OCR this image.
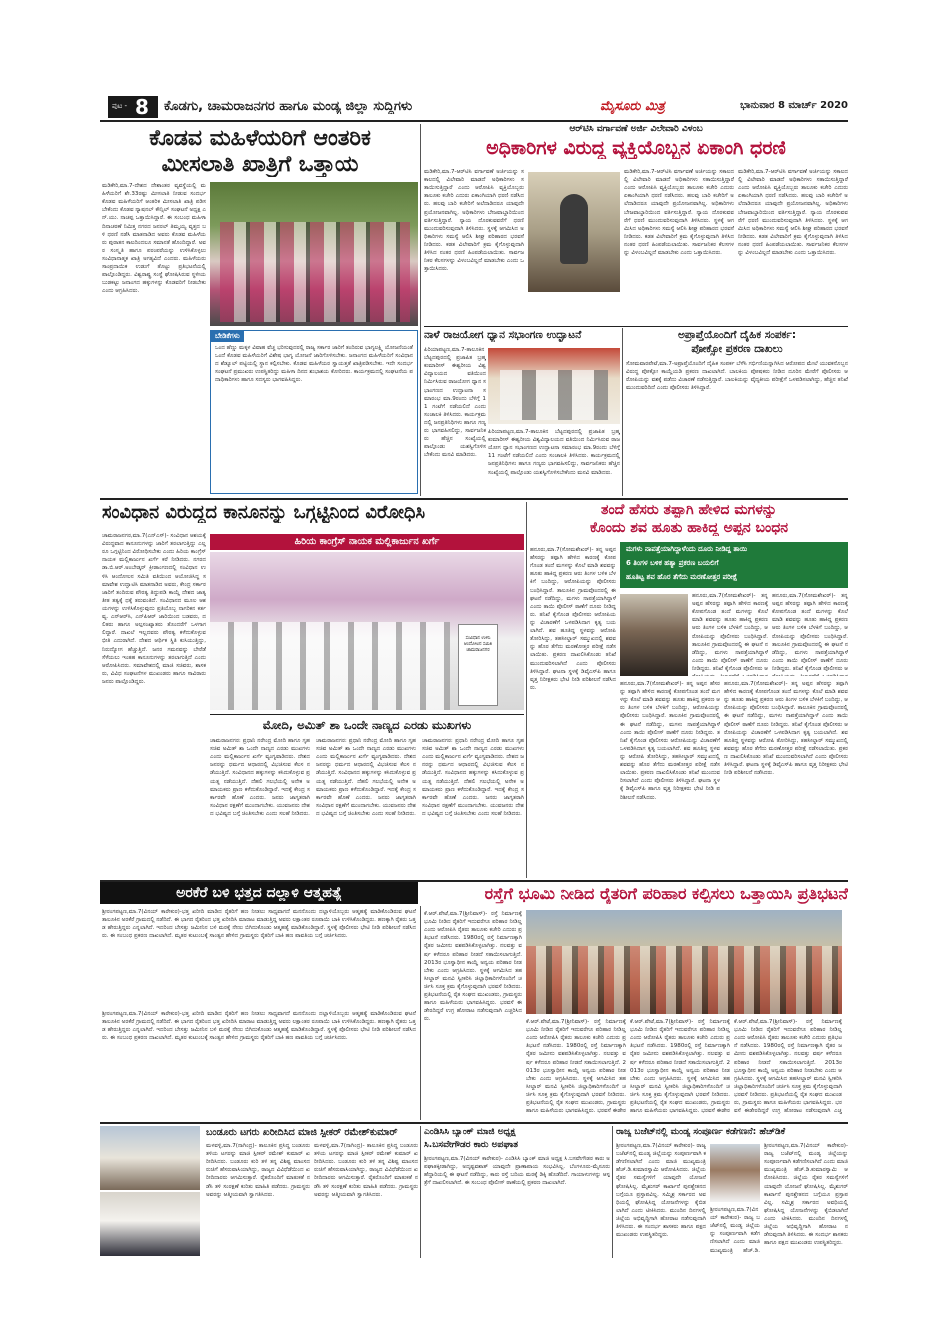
ಪುಟ - 8 ಕೊಡಗು, ಚಾಮರಾಜನಗರ ಹಾಗೂ ಮಂಡ್ಯ ಜಿಲ್ಲಾ ಸುದ್ದಿಗಳು	ಮೈಸೂರು ಮಿತ್ರ	ಭಾನುವಾರ 8 ಮಾರ್ಚ್ 2020
ಕೊಡವ ಮಹಿಳೆಯರಿಗೆ ಆಂತರಿಕ
ಮೀಸಲಾತಿ ಖಾತ್ರಿಗೆ ಒತ್ತಾಯ
ಮಡಿಕೇರಿ,ಮಾ.7-ದೇಶದ ದೇಶಾಂತರ ವ್ಯವಸ್ಥೆಯಲ್ಲಿ ಮಹಿಳೆಯರಿಗೆ ಶೇ.33ರಷ್ಟು ಮೀಸಲಾತಿ ನೀಡುವ ಸಂದರ್ಭ ಕೊಡವ ಮಹಿಳೆಯರಿಗೆ ಆಂತರಿಕ ಮೀಸಲಾತಿ ಖಾತ್ರಿ ಪಡಿಸಬೇಕೆಂದು ಕೊಡವ ನ್ಯಾಷನಲ್ ಕೌನ್ಸಿಲ್ ಸಂಘಟನೆ ಅಧ್ಯಕ್ಷ ಎನ್.ಯು. ನಾಚಪ್ಪ ಒತ್ತಾಯಿಸಿದ್ದಾರೆ. ಈ ಸಂಬಂಧ ಮಹಿಳಾ ದಿನಾಚರಣೆ ನಿಮಿತ್ತ ನಗರದ ಜನರಲ್ ತಿಮ್ಮಯ್ಯ ವೃತ್ತದ ಬಳಿ ಧರಣಿ ನಡೆಸಿ ಮಾತನಾಡಿದ ಅವರು ಕೊಡವ ಮಹಿಳೆಯರು ಪುರಾತನ ಕಾಲದಿಂದಲೂ ಸಮಾನತೆ ಹೊಂದಿದ್ದಾರೆ. ಅವರ ಸಂಸ್ಕೃತಿ ಹಾಗೂ ಪರಂಪರೆಯನ್ನು ಉಳಿಸಿಕೊಳ್ಳಲು ಸಂವಿಧಾನಾತ್ಮಕ ಖಾತ್ರಿ ಅಗತ್ಯವಿದೆ ಎಂದರು. ಮಹಿಳೆಯರು ಸಾಂಪ್ರದಾಯಿಕ ಉಡುಗೆ ತೊಟ್ಟು ಪ್ರತಿಭಟನೆಯಲ್ಲಿ ಪಾಲ್ಗೊಂಡಿದ್ದರು. ವಿಶ್ವರಾಷ್ಟ್ರ ಸಂಸ್ಥೆ ಘೋಷಿಸಿರುವ ಸ್ಥಳೀಯ ಬುಡಕಟ್ಟು ಜನಾಂಗದ ಹಕ್ಕುಗಳನ್ನು ಕೊಡವರಿಗೆ ನೀಡಬೇಕು ಎಂದು ಆಗ್ರಹಿಸಿದರು.
ಬೇಡಿಕೆಗಳು
ಒಂದ ಹೆಣ್ಣು ಮಕ್ಕಳ ವಿವಾಹ ವೆಚ್ಚ ಭರಿಸುವುದರಲ್ಲಿ ರಾಜ್ಯ ಸರ್ಕಾರ ಜಾರಿಗೆ ತಂದಿರುವ ಭಾಗ್ಯಲಕ್ಷ್ಮಿ ಯೋಜನೆಯಂತೆ ಒಂದೆ ಕೊಡವ ಮಹಿಳೆಯರಿಗೆ ವಿಶೇಷ ಭಾಗ್ಯ ಯೋಜನೆ ಜಾರಿಗೊಳಿಸಬೇಕು. ಜನಾಂಗದ ಮಹಿಳೆಯರಿಗೆ ಸಂವಿಧಾನದ ಶೆಡ್ಯೂಲ್ ಪಟ್ಟಿಯಲ್ಲಿ ಸ್ಥಾನ ಕಲ್ಪಿಸಬೇಕು. ಕೊಡವ ಮಹಿಳೆಯರ ಸ್ವಾಯತ್ತತೆ ಖಾತ್ರಿಪಡಿಸಬೇಕು. ಇದೇ ಸಂದರ್ಭ ಸಂಘಟನೆ ಪ್ರಮುಖರು ಉಪಸ್ಥಿತರಿದ್ದು ಮಹಿಳಾ ದಿನದ ಶುಭಾಶಯ ಕೋರಿದರು. ಕಾರ್ಯಕ್ರಮದಲ್ಲಿ ಸಂಘಟನೆಯ ಪದಾಧಿಕಾರಿಗಳು ಹಾಗೂ ಸದಸ್ಯರು ಭಾಗವಹಿಸಿದ್ದರು.
ಆರ್‌ಟಿಸಿ ವರ್ಗಾವಣೆ ಅರ್ಜಿ ವಿಲೇವಾರಿ ವಿಳಂಬ
ಅಧಿಕಾರಿಗಳ ವಿರುದ್ಧ ವ್ಯಕ್ತಿಯೊಬ್ಬನ ಏಕಾಂಗಿ ಧರಣಿ
ಮಡಿಕೇರಿ,ಮಾ.7-ಆರ್‌ಟಿಸಿ ವರ್ಗಾವಣೆ ಅರ್ಜಿಯನ್ನು ಸಕಾಲದಲ್ಲಿ ವಿಲೇವಾರಿ ಮಾಡದೆ ಅಧಿಕಾರಿಗಳು ಸತಾಯಿಸುತ್ತಿದ್ದಾರೆ ಎಂದು ಆರೋಪಿಸಿ ವ್ಯಕ್ತಿಯೊಬ್ಬರು ತಾಲೂಕು ಕಚೇರಿ ಎದುರು ಏಕಾಂಗಿಯಾಗಿ ಧರಣಿ ನಡೆಸಿದರು. ಹಲವು ಬಾರಿ ಕಚೇರಿಗೆ ಅಲೆದಾಡಿದರೂ ಯಾವುದೇ ಪ್ರಯೋಜನವಾಗಿಲ್ಲ. ಅಧಿಕಾರಿಗಳು ಬೇಜವಾಬ್ದಾರಿಯಿಂದ ವರ್ತಿಸುತ್ತಿದ್ದಾರೆ. ನ್ಯಾಯ ದೊರಕುವವರೆಗೆ ಧರಣಿ ಮುಂದುವರಿಸುವುದಾಗಿ ತಿಳಿಸಿದರು. ಸ್ಥಳಕ್ಕೆ ಆಗಮಿಸಿದ ಅಧಿಕಾರಿಗಳು ಸಮಸ್ಯೆ ಆಲಿಸಿ ಶೀಘ್ರ ಪರಿಹಾರದ ಭರವಸೆ ನೀಡಿದರು. ಕಡತ ವಿಲೇವಾರಿಗೆ ಕ್ರಮ ಕೈಗೊಳ್ಳುವುದಾಗಿ ತಿಳಿಸಿದ ನಂತರ ಧರಣಿ ಹಿಂಪಡೆಯಲಾಯಿತು. ಸಾರ್ವಜನಿಕರ ಕೆಲಸಗಳನ್ನು ವಿಳಂಬವಿಲ್ಲದೆ ಮಾಡಬೇಕು ಎಂದು ಒತ್ತಾಯಿಸಿದರು.
ಮಡಿಕೇರಿ,ಮಾ.7-ಆರ್‌ಟಿಸಿ ವರ್ಗಾವಣೆ ಅರ್ಜಿಯನ್ನು ಸಕಾಲದಲ್ಲಿ ವಿಲೇವಾರಿ ಮಾಡದೆ ಅಧಿಕಾರಿಗಳು ಸತಾಯಿಸುತ್ತಿದ್ದಾರೆ ಎಂದು ಆರೋಪಿಸಿ ವ್ಯಕ್ತಿಯೊಬ್ಬರು ತಾಲೂಕು ಕಚೇರಿ ಎದುರು ಏಕಾಂಗಿಯಾಗಿ ಧರಣಿ ನಡೆಸಿದರು. ಹಲವು ಬಾರಿ ಕಚೇರಿಗೆ ಅಲೆದಾಡಿದರೂ ಯಾವುದೇ ಪ್ರಯೋಜನವಾಗಿಲ್ಲ. ಅಧಿಕಾರಿಗಳು ಬೇಜವಾಬ್ದಾರಿಯಿಂದ ವರ್ತಿಸುತ್ತಿದ್ದಾರೆ. ನ್ಯಾಯ ದೊರಕುವವರೆಗೆ ಧರಣಿ ಮುಂದುವರಿಸುವುದಾಗಿ ತಿಳಿಸಿದರು. ಸ್ಥಳಕ್ಕೆ ಆಗಮಿಸಿದ ಅಧಿಕಾರಿಗಳು ಸಮಸ್ಯೆ ಆಲಿಸಿ ಶೀಘ್ರ ಪರಿಹಾರದ ಭರವಸೆ ನೀಡಿದರು. ಕಡತ ವಿಲೇವಾರಿಗೆ ಕ್ರಮ ಕೈಗೊಳ್ಳುವುದಾಗಿ ತಿಳಿಸಿದ ನಂತರ ಧರಣಿ ಹಿಂಪಡೆಯಲಾಯಿತು. ಸಾರ್ವಜನಿಕರ ಕೆಲಸಗಳನ್ನು ವಿಳಂಬವಿಲ್ಲದೆ ಮಾಡಬೇಕು ಎಂದು ಒತ್ತಾಯಿಸಿದರು.
ಮಡಿಕೇರಿ,ಮಾ.7-ಆರ್‌ಟಿಸಿ ವರ್ಗಾವಣೆ ಅರ್ಜಿಯನ್ನು ಸಕಾಲದಲ್ಲಿ ವಿಲೇವಾರಿ ಮಾಡದೆ ಅಧಿಕಾರಿಗಳು ಸತಾಯಿಸುತ್ತಿದ್ದಾರೆ ಎಂದು ಆರೋಪಿಸಿ ವ್ಯಕ್ತಿಯೊಬ್ಬರು ತಾಲೂಕು ಕಚೇರಿ ಎದುರು ಏಕಾಂಗಿಯಾಗಿ ಧರಣಿ ನಡೆಸಿದರು. ಹಲವು ಬಾರಿ ಕಚೇರಿಗೆ ಅಲೆದಾಡಿದರೂ ಯಾವುದೇ ಪ್ರಯೋಜನವಾಗಿಲ್ಲ. ಅಧಿಕಾರಿಗಳು ಬೇಜವಾಬ್ದಾರಿಯಿಂದ ವರ್ತಿಸುತ್ತಿದ್ದಾರೆ. ನ್ಯಾಯ ದೊರಕುವವರೆಗೆ ಧರಣಿ ಮುಂದುವರಿಸುವುದಾಗಿ ತಿಳಿಸಿದರು. ಸ್ಥಳಕ್ಕೆ ಆಗಮಿಸಿದ ಅಧಿಕಾರಿಗಳು ಸಮಸ್ಯೆ ಆಲಿಸಿ ಶೀಘ್ರ ಪರಿಹಾರದ ಭರವಸೆ ನೀಡಿದರು. ಕಡತ ವಿಲೇವಾರಿಗೆ ಕ್ರಮ ಕೈಗೊಳ್ಳುವುದಾಗಿ ತಿಳಿಸಿದ ನಂತರ ಧರಣಿ ಹಿಂಪಡೆಯಲಾಯಿತು. ಸಾರ್ವಜನಿಕರ ಕೆಲಸಗಳನ್ನು ವಿಳಂಬವಿಲ್ಲದೆ ಮಾಡಬೇಕು ಎಂದು ಒತ್ತಾಯಿಸಿದರು.
ನಾಳೆ ರಾಜಯೋಗ ಧ್ಯಾನ ಸಭಾಂಗಣ ಉದ್ಘಾಟನೆ
ಪಿರಿಯಾಪಟ್ಟಣ,ಮಾ.7-ತಾಲೂಕಿನ ಬೆಟ್ಟದಪುರದಲ್ಲಿ ಪ್ರಜಾಪಿತ ಬ್ರಹ್ಮಕುಮಾರೀಸ್ ಈಶ್ವರೀಯ ವಿಶ್ವವಿದ್ಯಾಲಯದ ವತಿಯಿಂದ ನಿರ್ಮಿಸಿರುವ ರಾಜಯೋಗ ಧ್ಯಾನ ಸಭಾಂಗಣದ ಉದ್ಘಾಟನಾ ಸಮಾರಂಭ ಮಾ.9ರಂದು ಬೆಳಿಗ್ಗೆ 11 ಗಂಟೆಗೆ ನಡೆಯಲಿದೆ ಎಂದು ಸಂಚಾಲಕಿ ತಿಳಿಸಿದರು. ಕಾರ್ಯಕ್ರಮದಲ್ಲಿ ಜನಪ್ರತಿನಿಧಿಗಳು ಹಾಗೂ ಗಣ್ಯರು ಭಾಗವಹಿಸಲಿದ್ದು, ಸಾರ್ವಜನಿಕರು ಹೆಚ್ಚಿನ ಸಂಖ್ಯೆಯಲ್ಲಿ ಪಾಲ್ಗೊಂಡು ಯಶಸ್ವಿಗೊಳಿಸಬೇಕೆಂದು ಮನವಿ ಮಾಡಿದರು.
ಪಿರಿಯಾಪಟ್ಟಣ,ಮಾ.7-ತಾಲೂಕಿನ ಬೆಟ್ಟದಪುರದಲ್ಲಿ ಪ್ರಜಾಪಿತ ಬ್ರಹ್ಮಕುಮಾರೀಸ್ ಈಶ್ವರೀಯ ವಿಶ್ವವಿದ್ಯಾಲಯದ ವತಿಯಿಂದ ನಿರ್ಮಿಸಿರುವ ರಾಜಯೋಗ ಧ್ಯಾನ ಸಭಾಂಗಣದ ಉದ್ಘಾಟನಾ ಸಮಾರಂಭ ಮಾ.9ರಂದು ಬೆಳಿಗ್ಗೆ 11 ಗಂಟೆಗೆ ನಡೆಯಲಿದೆ ಎಂದು ಸಂಚಾಲಕಿ ತಿಳಿಸಿದರು. ಕಾರ್ಯಕ್ರಮದಲ್ಲಿ ಜನಪ್ರತಿನಿಧಿಗಳು ಹಾಗೂ ಗಣ್ಯರು ಭಾಗವಹಿಸಲಿದ್ದು, ಸಾರ್ವಜನಿಕರು ಹೆಚ್ಚಿನ ಸಂಖ್ಯೆಯಲ್ಲಿ ಪಾಲ್ಗೊಂಡು ಯಶಸ್ವಿಗೊಳಿಸಬೇಕೆಂದು ಮನವಿ ಮಾಡಿದರು.
ಅಪ್ರಾಪ್ತೆಯೊಂದಿಗೆ ದೈಹಿಕ ಸಂಪರ್ಕ:
ಪೋಕ್ಸೋ ಪ್ರಕರಣ ದಾಖಲು
ಸೋಮವಾರಪೇಟೆ,ಮಾ.7-ಅಪ್ರಾಪ್ತೆಯೊಂದಿಗೆ ದೈಹಿಕ ಸಂಪರ್ಕ ಬೆಳೆಸಿ ಗರ್ಭಿಣಿಯನ್ನಾಗಿಸಿದ ಆರೋಪದ ಮೇಲೆ ಯುವಕನೊಬ್ಬನ ವಿರುದ್ಧ ಪೋಕ್ಸೋ ಕಾಯ್ದೆಯಡಿ ಪ್ರಕರಣ ದಾಖಲಾಗಿದೆ. ಬಾಲಕಿಯ ಪೋಷಕರು ನೀಡಿದ ದೂರಿನ ಮೇರೆಗೆ ಪೊಲೀಸರು ಆರೋಪಿಯನ್ನು ವಶಕ್ಕೆ ಪಡೆದು ವಿಚಾರಣೆ ನಡೆಸುತ್ತಿದ್ದಾರೆ. ಬಾಲಕಿಯನ್ನು ವೈದ್ಯಕೀಯ ಪರೀಕ್ಷೆಗೆ ಒಳಪಡಿಸಲಾಗಿದ್ದು, ಹೆಚ್ಚಿನ ತನಿಖೆ ಮುಂದುವರಿದಿದೆ ಎಂದು ಪೊಲೀಸರು ತಿಳಿಸಿದ್ದಾರೆ.
ಸಂವಿಧಾನ ವಿರುದ್ಧದ ಕಾನೂನನ್ನು ಒಗ್ಗಟ್ಟಿನಿಂದ ವಿರೋಧಿಸಿ
ಚಾಮರಾಜನಗರ,ಮಾ.7(ಎನ್‌ಎಸ್)- ಸಂವಿಧಾನ ಆಶಯಕ್ಕೆ ವಿರುದ್ಧವಾದ ಕಾನೂನುಗಳನ್ನು ಜಾರಿಗೆ ತರಲಾಗುತ್ತಿದ್ದು ಎಲ್ಲರೂ ಒಗ್ಗಟ್ಟಿನಿಂದ ವಿರೋಧಿಸಬೇಕು ಎಂದು ಹಿರಿಯ ಕಾಂಗ್ರೆಸ್ ನಾಯಕ ಮಲ್ಲಿಕಾರ್ಜುನ ಖರ್ಗೆ ಕರೆ ನೀಡಿದರು. ನಗರದ ಡಾ.ಬಿ.ಆರ್.ಅಂಬೇಡ್ಕರ್ ಕ್ರೀಡಾಂಗಣದಲ್ಲಿ ಸಂವಿಧಾನ ಉಳಿಸಿ ಆಂದೋಲನ ಸಮಿತಿ ವತಿಯಿಂದ ಆಯೋಜಿಸಿದ್ದ ಸಮಾವೇಶ ಉದ್ಘಾಟಿಸಿ ಮಾತನಾಡಿದ ಅವರು, ಕೇಂದ್ರ ಸರ್ಕಾರ ಜಾರಿಗೆ ತಂದಿರುವ ಪೌರತ್ವ ತಿದ್ದುಪಡಿ ಕಾಯ್ದೆ ದೇಶದ ಜಾತ್ಯತೀತ ತತ್ವಕ್ಕೆ ಧಕ್ಕೆ ತರುವಂತಿದೆ. ಸಂವಿಧಾನದ ಮೂಲ ಆಶಯಗಳನ್ನು ಉಳಿಸಿಕೊಳ್ಳುವುದು ಪ್ರತಿಯೊಬ್ಬ ನಾಗರಿಕನ ಕರ್ತವ್ಯ. ಎನ್‌ಆರ್‌ಸಿ, ಎನ್‌ಪಿಆರ್ ಜಾರಿಯಿಂದ ಬಡವರು, ದಲಿತರು ಹಾಗೂ ಅಲ್ಪಸಂಖ್ಯಾತರು ತೊಂದರೆಗೆ ಒಳಗಾಗಲಿದ್ದಾರೆ. ದಾಖಲೆ ಇಲ್ಲದವರು ಪೌರತ್ವ ಕಳೆದುಕೊಳ್ಳುವ ಭೀತಿ ಎದುರಾಗಿದೆ. ದೇಶದ ಆರ್ಥಿಕ ಸ್ಥಿತಿ ಕುಸಿಯುತ್ತಿದ್ದು, ನಿರುದ್ಯೋಗ ಹೆಚ್ಚುತ್ತಿದೆ. ಜನರ ಗಮನವನ್ನು ಬೇರೆಡೆ ಸೆಳೆಯಲು ಇಂತಹ ಕಾನೂನುಗಳನ್ನು ತರಲಾಗುತ್ತಿದೆ ಎಂದು ಆರೋಪಿಸಿದರು. ಸಮಾವೇಶದಲ್ಲಿ ಮಾಜಿ ಸಚಿವರು, ಶಾಸಕರು, ವಿವಿಧ ಸಂಘಟನೆಗಳ ಮುಖಂಡರು ಹಾಗೂ ಸಾವಿರಾರು ಜನರು ಪಾಲ್ಗೊಂಡಿದ್ದರು.
ಹಿರಿಯ ಕಾಂಗ್ರೆಸ್ ನಾಯಕ ಮಲ್ಲಿಕಾರ್ಜುನ ಖರ್ಗೆ
ಸಂವಿಧಾನ ಉಳಿಸಿ
ಆಂದೋಲನ ಸಮಿತಿ
ಚಾಮರಾಜನಗರ
ಮೋದಿ, ಅಮಿತ್ ಶಾ ಒಂದೇ ನಾಣ್ಯದ ಎರಡು ಮುಖಗಳು
ಚಾಮರಾಜನಗರ: ಪ್ರಧಾನಿ ನರೇಂದ್ರ ಮೋದಿ ಹಾಗೂ ಗೃಹ ಸಚಿವ ಅಮಿತ್ ಶಾ ಒಂದೇ ನಾಣ್ಯದ ಎರಡು ಮುಖಗಳು ಎಂದು ಮಲ್ಲಿಕಾರ್ಜುನ ಖರ್ಗೆ ವ್ಯಂಗ್ಯವಾಡಿದರು. ದೇಶದ ಜನರನ್ನು ಧರ್ಮದ ಆಧಾರದಲ್ಲಿ ವಿಭಜಿಸುವ ಕೆಲಸ ನಡೆಯುತ್ತಿದೆ. ಸಂವಿಧಾನದ ಹಕ್ಕುಗಳನ್ನು ಕಸಿದುಕೊಳ್ಳುವ ಪ್ರಯತ್ನ ನಡೆಯುತ್ತಿದೆ. ದೆಹಲಿ ಗಲಭೆಯಲ್ಲಿ ಅನೇಕ ಅಮಾಯಕರು ಪ್ರಾಣ ಕಳೆದುಕೊಂಡಿದ್ದಾರೆ. ಇದಕ್ಕೆ ಕೇಂದ್ರ ಸರ್ಕಾರವೇ ಹೊಣೆ ಎಂದರು. ಜನರು ಜಾಗೃತರಾಗಿ ಸಂವಿಧಾನ ರಕ್ಷಣೆಗೆ ಮುಂದಾಗಬೇಕು. ಯುವಜನರು ದೇಶದ ಭವಿಷ್ಯದ ಬಗ್ಗೆ ಚಿಂತಿಸಬೇಕು ಎಂದು ಸಲಹೆ ನೀಡಿದರು.
ಚಾಮರಾಜನಗರ: ಪ್ರಧಾನಿ ನರೇಂದ್ರ ಮೋದಿ ಹಾಗೂ ಗೃಹ ಸಚಿವ ಅಮಿತ್ ಶಾ ಒಂದೇ ನಾಣ್ಯದ ಎರಡು ಮುಖಗಳು ಎಂದು ಮಲ್ಲಿಕಾರ್ಜುನ ಖರ್ಗೆ ವ್ಯಂಗ್ಯವಾಡಿದರು. ದೇಶದ ಜನರನ್ನು ಧರ್ಮದ ಆಧಾರದಲ್ಲಿ ವಿಭಜಿಸುವ ಕೆಲಸ ನಡೆಯುತ್ತಿದೆ. ಸಂವಿಧಾನದ ಹಕ್ಕುಗಳನ್ನು ಕಸಿದುಕೊಳ್ಳುವ ಪ್ರಯತ್ನ ನಡೆಯುತ್ತಿದೆ. ದೆಹಲಿ ಗಲಭೆಯಲ್ಲಿ ಅನೇಕ ಅಮಾಯಕರು ಪ್ರಾಣ ಕಳೆದುಕೊಂಡಿದ್ದಾರೆ. ಇದಕ್ಕೆ ಕೇಂದ್ರ ಸರ್ಕಾರವೇ ಹೊಣೆ ಎಂದರು. ಜನರು ಜಾಗೃತರಾಗಿ ಸಂವಿಧಾನ ರಕ್ಷಣೆಗೆ ಮುಂದಾಗಬೇಕು. ಯುವಜನರು ದೇಶದ ಭವಿಷ್ಯದ ಬಗ್ಗೆ ಚಿಂತಿಸಬೇಕು ಎಂದು ಸಲಹೆ ನೀಡಿದರು.
ಚಾಮರಾಜನಗರ: ಪ್ರಧಾನಿ ನರೇಂದ್ರ ಮೋದಿ ಹಾಗೂ ಗೃಹ ಸಚಿವ ಅಮಿತ್ ಶಾ ಒಂದೇ ನಾಣ್ಯದ ಎರಡು ಮುಖಗಳು ಎಂದು ಮಲ್ಲಿಕಾರ್ಜುನ ಖರ್ಗೆ ವ್ಯಂಗ್ಯವಾಡಿದರು. ದೇಶದ ಜನರನ್ನು ಧರ್ಮದ ಆಧಾರದಲ್ಲಿ ವಿಭಜಿಸುವ ಕೆಲಸ ನಡೆಯುತ್ತಿದೆ. ಸಂವಿಧಾನದ ಹಕ್ಕುಗಳನ್ನು ಕಸಿದುಕೊಳ್ಳುವ ಪ್ರಯತ್ನ ನಡೆಯುತ್ತಿದೆ. ದೆಹಲಿ ಗಲಭೆಯಲ್ಲಿ ಅನೇಕ ಅಮಾಯಕರು ಪ್ರಾಣ ಕಳೆದುಕೊಂಡಿದ್ದಾರೆ. ಇದಕ್ಕೆ ಕೇಂದ್ರ ಸರ್ಕಾರವೇ ಹೊಣೆ ಎಂದರು. ಜನರು ಜಾಗೃತರಾಗಿ ಸಂವಿಧಾನ ರಕ್ಷಣೆಗೆ ಮುಂದಾಗಬೇಕು. ಯುವಜನರು ದೇಶದ ಭವಿಷ್ಯದ ಬಗ್ಗೆ ಚಿಂತಿಸಬೇಕು ಎಂದು ಸಲಹೆ ನೀಡಿದರು.
ತಂದೆ ಹೆಸರು ತಪ್ಪಾಗಿ ಹೇಳಿದ ಮಗಳನ್ನು
ಕೊಂದು ಶವ ಹೂತು ಹಾಕಿದ್ದ ಅಪ್ಪನ ಬಂಧನ
ಮಗಳು ನಾಪತ್ತೆಯಾಗಿದ್ದಾಳೆಂದು ದೂರು ನೀಡಿದ್ದ ತಾಯಿ
6 ತಿಂಗಳ ಬಳಿಕ ಹತ್ಯಾ ಪ್ರಕರಣ ಬಯಲಿಗೆ
ಹೂತಿಟ್ಟ ಶವ ಹೊರ ತೆಗೆದು ಮರಣೋತ್ತರ ಪರೀಕ್ಷೆ
ಹನೂರು,ಮಾ.7(ಸೋಮಶೇಖರ್)- ತನ್ನ ಅಪ್ಪನ ಹೆಸರನ್ನು ತಪ್ಪಾಗಿ ಹೇಳಿದ ಕಾರಣಕ್ಕೆ ಕೋಪಗೊಂಡ ತಂದೆ ಮಗಳನ್ನು ಕೊಲೆ ಮಾಡಿ ಶವವನ್ನು ಹೂತು ಹಾಕಿದ್ದ ಪ್ರಕರಣ ಆರು ತಿಂಗಳ ಬಳಿಕ ಬೆಳಕಿಗೆ ಬಂದಿದ್ದು, ಆರೋಪಿಯನ್ನು ಪೊಲೀಸರು ಬಂಧಿಸಿದ್ದಾರೆ. ತಾಲೂಕಿನ ಗ್ರಾಮವೊಂದರಲ್ಲಿ ಈ ಘಟನೆ ನಡೆದಿದ್ದು, ಮಗಳು ನಾಪತ್ತೆಯಾಗಿದ್ದಾಳೆ ಎಂದು ತಾಯಿ ಪೊಲೀಸ್ ಠಾಣೆಗೆ ದೂರು ನೀಡಿದ್ದರು. ತನಿಖೆ ಕೈಗೊಂಡ ಪೊಲೀಸರು ಆರೋಪಿಯನ್ನು ವಿಚಾರಣೆಗೆ ಒಳಪಡಿಸಿದಾಗ ಕೃತ್ಯ ಬಯಲಾಗಿದೆ. ಶವ ಹೂತಿದ್ದ ಸ್ಥಳವನ್ನು ಆರೋಪಿ ತೋರಿಸಿದ್ದು, ತಹಸೀಲ್ದಾರ್ ಸಮ್ಮುಖದಲ್ಲಿ ಶವವನ್ನು ಹೊರ ತೆಗೆದು ಮರಣೋತ್ತರ ಪರೀಕ್ಷೆ ನಡೆಸಲಾಯಿತು. ಪ್ರಕರಣ ದಾಖಲಿಸಿಕೊಂಡು ತನಿಖೆ ಮುಂದುವರಿಸಲಾಗಿದೆ ಎಂದು ಪೊಲೀಸರು ತಿಳಿಸಿದ್ದಾರೆ. ಘಟನಾ ಸ್ಥಳಕ್ಕೆ ಡಿವೈಎಸ್‌ಪಿ ಹಾಗೂ ವೃತ್ತ ನಿರೀಕ್ಷಕರು ಭೇಟಿ ನೀಡಿ ಪರಿಶೀಲನೆ ನಡೆಸಿದರು.
ಹನೂರು,ಮಾ.7(ಸೋಮಶೇಖರ್)- ತನ್ನ ಅಪ್ಪನ ಹೆಸರನ್ನು ತಪ್ಪಾಗಿ ಹೇಳಿದ ಕಾರಣಕ್ಕೆ ಕೋಪಗೊಂಡ ತಂದೆ ಮಗಳನ್ನು ಕೊಲೆ ಮಾಡಿ ಶವವನ್ನು ಹೂತು ಹಾಕಿದ್ದ ಪ್ರಕರಣ ಆರು ತಿಂಗಳ ಬಳಿಕ ಬೆಳಕಿಗೆ ಬಂದಿದ್ದು, ಆರೋಪಿಯನ್ನು ಪೊಲೀಸರು ಬಂಧಿಸಿದ್ದಾರೆ. ತಾಲೂಕಿನ ಗ್ರಾಮವೊಂದರಲ್ಲಿ ಈ ಘಟನೆ ನಡೆದಿದ್ದು, ಮಗಳು ನಾಪತ್ತೆಯಾಗಿದ್ದಾಳೆ ಎಂದು ತಾಯಿ ಪೊಲೀಸ್ ಠಾಣೆಗೆ ದೂರು ನೀಡಿದ್ದರು. ತನಿಖೆ ಕೈಗೊಂಡ ಪೊಲೀಸರು ಆರೋಪಿಯನ್ನು ವಿಚಾರಣೆಗೆ ಒಳಪಡಿಸಿದಾಗ ಕೃತ್ಯ ಬಯಲಾಗಿದೆ. ಶವ ಹೂತಿದ್ದ ಸ್ಥಳವನ್ನು ಆರೋಪಿ ತೋರಿಸಿದ್ದು, ತಹಸೀಲ್ದಾರ್ ಸಮ್ಮುಖದಲ್ಲಿ ಶವವನ್ನು ಹೊರ ತೆಗೆದು ಮರಣೋತ್ತರ ಪರೀಕ್ಷೆ ನಡೆಸಲಾಯಿತು. ಪ್ರಕರಣ ದಾಖಲಿಸಿಕೊಂಡು ತನಿಖೆ ಮುಂದುವರಿಸಲಾಗಿದೆ ಎಂದು ಪೊಲೀಸರು ತಿಳಿಸಿದ್ದಾರೆ. ಘಟನಾ ಸ್ಥಳಕ್ಕೆ ಡಿವೈಎಸ್‌ಪಿ ಹಾಗೂ ವೃತ್ತ ನಿರೀಕ್ಷಕರು ಭೇಟಿ ನೀಡಿ ಪರಿಶೀಲನೆ ನಡೆಸಿದರು.
ಹನೂರು,ಮಾ.7(ಸೋಮಶೇಖರ್)- ತನ್ನ ಅಪ್ಪನ ಹೆಸರನ್ನು ತಪ್ಪಾಗಿ ಹೇಳಿದ ಕಾರಣಕ್ಕೆ ಕೋಪಗೊಂಡ ತಂದೆ ಮಗಳನ್ನು ಕೊಲೆ ಮಾಡಿ ಶವವನ್ನು ಹೂತು ಹಾಕಿದ್ದ ಪ್ರಕರಣ ಆರು ತಿಂಗಳ ಬಳಿಕ ಬೆಳಕಿಗೆ ಬಂದಿದ್ದು, ಆರೋಪಿಯನ್ನು ಪೊಲೀಸರು ಬಂಧಿಸಿದ್ದಾರೆ. ತಾಲೂಕಿನ ಗ್ರಾಮವೊಂದರಲ್ಲಿ ಈ ಘಟನೆ ನಡೆದಿದ್ದು, ಮಗಳು ನಾಪತ್ತೆಯಾಗಿದ್ದಾಳೆ ಎಂದು ತಾಯಿ ಪೊಲೀಸ್ ಠಾಣೆಗೆ ದೂರು ನೀಡಿದ್ದರು. ತನಿಖೆ ಕೈಗೊಂಡ ಪೊಲೀಸರು ಆ
ಹನೂರು,ಮಾ.7(ಸೋಮಶೇಖರ್)- ತನ್ನ ಅಪ್ಪನ ಹೆಸರನ್ನು ತಪ್ಪಾಗಿ ಹೇಳಿದ ಕಾರಣಕ್ಕೆ ಕೋಪಗೊಂಡ ತಂದೆ ಮಗಳನ್ನು ಕೊಲೆ ಮಾಡಿ ಶವವನ್ನು ಹೂತು ಹಾಕಿದ್ದ ಪ್ರಕರಣ ಆರು ತಿಂಗಳ ಬಳಿಕ ಬೆಳಕಿಗೆ ಬಂದಿದ್ದು, ಆರೋಪಿಯನ್ನು ಪೊಲೀಸರು ಬಂಧಿಸಿದ್ದಾರೆ. ತಾಲೂಕಿನ ಗ್ರಾಮವೊಂದರಲ್ಲಿ ಈ ಘಟನೆ ನಡೆದಿದ್ದು, ಮಗಳು ನಾಪತ್ತೆಯಾಗಿದ್ದಾಳೆ ಎಂದು ತಾಯಿ ಪೊಲೀಸ್ ಠಾಣೆಗೆ ದೂರು ನೀಡಿದ್ದರು. ತನಿಖೆ ಕೈಗೊಂಡ ಪೊಲೀಸರು ಆರೋಪಿಯನ್ನು ವಿಚಾರಣೆಗೆ ಒಳಪಡಿಸಿದಾಗ ಕೃತ್ಯ ಬಯಲಾಗಿದೆ. ಶವ ಹೂತಿದ್ದ ಸ್ಥಳವನ್ನು ಆರೋಪಿ ತೋರಿಸಿದ್ದು, ತಹಸೀಲ್ದಾರ್ ಸಮ್ಮುಖದಲ್ಲಿ ಶವವನ್ನು ಹೊರ ತೆಗೆದು ಮರಣೋತ್ತರ ಪರೀಕ್ಷೆ ನಡೆಸಲಾಯಿತು. ಪ್ರಕರಣ ದಾಖಲಿಸಿಕೊಂಡು ತನಿಖೆ ಮುಂದುವರಿಸಲಾಗಿದೆ ಎಂದು ಪೊಲೀಸರು ತಿಳಿಸಿದ್ದಾರೆ. ಘಟನಾ ಸ್ಥಳಕ್ಕೆ ಡಿವೈಎಸ್‌ಪಿ ಹಾಗೂ ವೃತ್ತ ನಿರೀಕ್ಷಕರು ಭೇಟಿ ನೀಡಿ ಪರಿಶೀಲನೆ ನಡೆಸಿದರು.
ಹನೂರು,ಮಾ.7(ಸೋಮಶೇಖರ್)- ತನ್ನ ಅಪ್ಪನ ಹೆಸರನ್ನು ತಪ್ಪಾಗಿ ಹೇಳಿದ ಕಾರಣಕ್ಕೆ ಕೋಪಗೊಂಡ ತಂದೆ ಮಗಳನ್ನು ಕೊಲೆ ಮಾಡಿ ಶವವನ್ನು ಹೂತು ಹಾಕಿದ್ದ ಪ್ರಕರಣ ಆರು ತಿಂಗಳ ಬಳಿಕ ಬೆಳಕಿಗೆ ಬಂದಿದ್ದು, ಆರೋಪಿಯನ್ನು ಪೊಲೀಸರು ಬಂಧಿಸಿದ್ದಾರೆ. ತಾಲೂಕಿನ ಗ್ರಾಮವೊಂದರಲ್ಲಿ ಈ ಘಟನೆ ನಡೆದಿದ್ದು, ಮಗಳು ನಾಪತ್ತೆಯಾಗಿದ್ದಾಳೆ ಎಂದು ತಾಯಿ ಪೊಲೀಸ್ ಠಾಣೆಗೆ ದೂರು ನೀಡಿದ್ದರು. ತನಿಖೆ ಕೈಗೊಂಡ ಪೊಲೀಸರು ಆ
ಅರಕೆರೆ ಬಳಿ ಭತ್ತದ ದಲ್ಲಾಳಿ ಆತ್ಮಹತ್ಯೆ
ಶ್ರೀರಂಗಪಟ್ಟಣ,ಮಾ.7(ವಿನಯ್ ಕಾರೇಕುರ)-ಭತ್ತ ಖರೀದಿ ಮಾಡಿದ ರೈತರಿಗೆ ಹಣ ನೀಡಲು ಸಾಧ್ಯವಾಗದೆ ಮನನೊಂದು ದಲ್ಲಾಳಿಯೊಬ್ಬರು ಆತ್ಮಹತ್ಯೆ ಮಾಡಿಕೊಂಡಿರುವ ಘಟನೆ ತಾಲೂಕಿನ ಅರಕೆರೆ ಗ್ರಾಮದಲ್ಲಿ ನಡೆದಿದೆ. ಈ ಭಾಗದ ರೈತರಿಂದ ಭತ್ತ ಖರೀದಿಸಿ ಮಾರಾಟ ಮಾಡುತ್ತಿದ್ದ ಅವರು ಲಕ್ಷಾಂತರ ರೂಪಾಯಿ ಬಾಕಿ ಉಳಿಸಿಕೊಂಡಿದ್ದರು. ಹಣಕ್ಕಾಗಿ ರೈತರು ಒತ್ತಡ ಹೇರುತ್ತಿದ್ದರು ಎನ್ನಲಾಗಿದೆ. ಇದರಿಂದ ಬೇಸತ್ತು ಜಮೀನಿನ ಬಳಿ ಮರಕ್ಕೆ ನೇಣು ಬಿಗಿದುಕೊಂಡು ಆತ್ಮಹತ್ಯೆ ಮಾಡಿಕೊಂಡಿದ್ದಾರೆ. ಸ್ಥಳಕ್ಕೆ ಪೊಲೀಸರು ಭೇಟಿ ನೀಡಿ ಪರಿಶೀಲನೆ ನಡೆಸಿದರು. ಈ ಸಂಬಂಧ ಪ್ರಕರಣ ದಾಖಲಾಗಿದೆ. ಮೃತರ ಕುಟುಂಬಕ್ಕೆ ಸಾಂತ್ವನ ಹೇಳಿದ ಗ್ರಾಮಸ್ಥರು ರೈತರಿಗೆ ಬಾಕಿ ಹಣ ಪಾವತಿಯ ಬಗ್ಗೆ ಚರ್ಚಿಸಿದರು.
ಶ್ರೀರಂಗಪಟ್ಟಣ,ಮಾ.7(ವಿನಯ್ ಕಾರೇಕುರ)-ಭತ್ತ ಖರೀದಿ ಮಾಡಿದ ರೈತರಿಗೆ ಹಣ ನೀಡಲು ಸಾಧ್ಯವಾಗದೆ ಮನನೊಂದು ದಲ್ಲಾಳಿಯೊಬ್ಬರು ಆತ್ಮಹತ್ಯೆ ಮಾಡಿಕೊಂಡಿರುವ ಘಟನೆ ತಾಲೂಕಿನ ಅರಕೆರೆ ಗ್ರಾಮದಲ್ಲಿ ನಡೆದಿದೆ. ಈ ಭಾಗದ ರೈತರಿಂದ ಭತ್ತ ಖರೀದಿಸಿ ಮಾರಾಟ ಮಾಡುತ್ತಿದ್ದ ಅವರು ಲಕ್ಷಾಂತರ ರೂಪಾಯಿ ಬಾಕಿ ಉಳಿಸಿಕೊಂಡಿದ್ದರು. ಹಣಕ್ಕಾಗಿ ರೈತರು ಒತ್ತಡ ಹೇರುತ್ತಿದ್ದರು ಎನ್ನಲಾಗಿದೆ. ಇದರಿಂದ ಬೇಸತ್ತು ಜಮೀನಿನ ಬಳಿ ಮರಕ್ಕೆ ನೇಣು ಬಿಗಿದುಕೊಂಡು ಆತ್ಮಹತ್ಯೆ ಮಾಡಿಕೊಂಡಿದ್ದಾರೆ. ಸ್ಥಳಕ್ಕೆ ಪೊಲೀಸರು ಭೇಟಿ ನೀಡಿ ಪರಿಶೀಲನೆ ನಡೆಸಿದರು. ಈ ಸಂಬಂಧ ಪ್ರಕರಣ ದಾಖಲಾಗಿದೆ. ಮೃತರ ಕುಟುಂಬಕ್ಕೆ ಸಾಂತ್ವನ ಹೇಳಿದ ಗ್ರಾಮಸ್ಥರು ರೈತರಿಗೆ ಬಾಕಿ ಹಣ ಪಾವತಿಯ ಬಗ್ಗೆ ಚರ್ಚಿಸಿದರು.
ರಸ್ತೆಗೆ ಭೂಮಿ ನೀಡಿದ ರೈತರಿಗೆ ಪರಿಹಾರ ಕಲ್ಪಿಸಲು ಒತ್ತಾಯಿಸಿ ಪ್ರತಿಭಟನೆ
ಕೆ.ಆರ್.ಪೇಟೆ,ಮಾ.7(ಶ್ರೀನಿವಾಸ್)- ರಸ್ತೆ ನಿರ್ಮಾಣಕ್ಕೆ ಭೂಮಿ ನೀಡಿದ ರೈತರಿಗೆ ಇದುವರೆಗೂ ಪರಿಹಾರ ನೀಡಿಲ್ಲ ಎಂದು ಆರೋಪಿಸಿ ರೈತರು ತಾಲೂಕು ಕಚೇರಿ ಎದುರು ಪ್ರತಿಭಟನೆ ನಡೆಸಿದರು. 1980ರಲ್ಲಿ ರಸ್ತೆ ನಿರ್ಮಾಣಕ್ಕಾಗಿ ರೈತರ ಜಮೀನು ವಶಪಡಿಸಿಕೊಳ್ಳಲಾಗಿತ್ತು. ನಲವತ್ತು ವರ್ಷ ಕಳೆದರೂ ಪರಿಹಾರ ನೀಡದೆ ಸತಾಯಿಸಲಾಗುತ್ತಿದೆ. 2013ರ ಭೂಸ್ವಾಧೀನ ಕಾಯ್ದೆ ಅನ್ವಯ ಪರಿಹಾರ ನೀಡಬೇಕು ಎಂದು ಆಗ್ರಹಿಸಿದರು. ಸ್ಥಳಕ್ಕೆ ಆಗಮಿಸಿದ ತಹಸೀಲ್ದಾರ್ ಮನವಿ ಸ್ವೀಕರಿಸಿ ಜಿಲ್ಲಾಧಿಕಾರಿಗಳೊಂದಿಗೆ ಚರ್ಚಿಸಿ ಸೂಕ್ತ ಕ್ರಮ ಕೈಗೊಳ್ಳುವುದಾಗಿ ಭರವಸೆ ನೀಡಿದರು. ಪ್ರತಿಭಟನೆಯಲ್ಲಿ ರೈತ ಸಂಘದ ಮುಖಂಡರು, ಗ್ರಾಮಸ್ಥರು ಹಾಗೂ ಮಹಿಳೆಯರು ಭಾಗವಹಿಸಿದ್ದರು. ಭರವಸೆ ಈಡೇರದಿದ್ದರೆ ಉಗ್ರ ಹೋರಾಟ ನಡೆಸುವುದಾಗಿ ಎಚ್ಚರಿಸಿದರು.	ಕೆ.ಆರ್.ಪೇಟೆ,ಮಾ.7(ಶ್ರೀನಿವಾಸ್)- ರಸ್ತೆ ನಿರ್ಮಾಣಕ್ಕೆ ಭೂಮಿ ನೀಡಿದ ರೈತರಿಗೆ ಇದುವರೆಗೂ ಪರಿಹಾರ ನೀಡಿಲ್ಲ ಎಂದು ಆರೋಪಿಸಿ ರೈತರು ತಾಲೂಕು ಕಚೇರಿ ಎದುರು ಪ್ರತಿಭಟನೆ ನಡೆಸಿದರು. 1980ರಲ್ಲಿ ರಸ್ತೆ ನಿರ್ಮಾಣಕ್ಕಾಗಿ ರೈತರ ಜಮೀನು ವಶಪಡಿಸಿಕೊಳ್ಳಲಾಗಿತ್ತು. ನಲವತ್ತು ವರ್ಷ ಕಳೆದರೂ ಪರಿಹಾರ ನೀಡದೆ ಸತಾಯಿಸಲಾಗುತ್ತಿದೆ. 2013ರ ಭೂಸ್ವಾಧೀನ ಕಾಯ್ದೆ ಅನ್ವಯ ಪರಿಹಾರ ನೀಡಬೇಕು ಎಂದು ಆಗ್ರಹಿಸಿದರು. ಸ್ಥಳಕ್ಕೆ ಆಗಮಿಸಿದ ತಹಸೀಲ್ದಾರ್ ಮನವಿ ಸ್ವೀಕರಿಸಿ ಜಿಲ್ಲಾಧಿಕಾರಿಗಳೊಂದಿಗೆ ಚರ್ಚಿಸಿ ಸೂಕ್ತ ಕ್ರಮ ಕೈಗೊಳ್ಳುವುದಾಗಿ ಭರವಸೆ ನೀಡಿದರು. ಪ್ರತಿಭಟನೆಯಲ್ಲಿ ರೈತ ಸಂಘದ ಮುಖಂಡರು, ಗ್ರಾಮಸ್ಥರು ಹಾಗೂ ಮಹಿಳೆಯರು ಭಾಗವಹಿಸಿದ್ದರು. ಭರವಸೆ ಈಡೇರ
ಕೆ.ಆರ್.ಪೇಟೆ,ಮಾ.7(ಶ್ರೀನಿವಾಸ್)- ರಸ್ತೆ ನಿರ್ಮಾಣಕ್ಕೆ ಭೂಮಿ ನೀಡಿದ ರೈತರಿಗೆ ಇದುವರೆಗೂ ಪರಿಹಾರ ನೀಡಿಲ್ಲ ಎಂದು ಆರೋಪಿಸಿ ರೈತರು ತಾಲೂಕು ಕಚೇರಿ ಎದುರು ಪ್ರತಿಭಟನೆ ನಡೆಸಿದರು. 1980ರಲ್ಲಿ ರಸ್ತೆ ನಿರ್ಮಾಣಕ್ಕಾಗಿ ರೈತರ ಜಮೀನು ವಶಪಡಿಸಿಕೊಳ್ಳಲಾಗಿತ್ತು. ನಲವತ್ತು ವರ್ಷ ಕಳೆದರೂ ಪರಿಹಾರ ನೀಡದೆ ಸತಾಯಿಸಲಾಗುತ್ತಿದೆ. 2013ರ ಭೂಸ್ವಾಧೀನ ಕಾಯ್ದೆ ಅನ್ವಯ ಪರಿಹಾರ ನೀಡಬೇಕು ಎಂದು ಆಗ್ರಹಿಸಿದರು. ಸ್ಥಳಕ್ಕೆ ಆಗಮಿಸಿದ ತಹಸೀಲ್ದಾರ್ ಮನವಿ ಸ್ವೀಕರಿಸಿ ಜಿಲ್ಲಾಧಿಕಾರಿಗಳೊಂದಿಗೆ ಚರ್ಚಿಸಿ ಸೂಕ್ತ ಕ್ರಮ ಕೈಗೊಳ್ಳುವುದಾಗಿ ಭರವಸೆ ನೀಡಿದರು. ಪ್ರತಿಭಟನೆಯಲ್ಲಿ ರೈತ ಸಂಘದ ಮುಖಂಡರು, ಗ್ರಾಮಸ್ಥರು ಹಾಗೂ ಮಹಿಳೆಯರು ಭಾಗವಹಿಸಿದ್ದರು. ಭರವಸೆ ಈಡೇರ
ಕೆ.ಆರ್.ಪೇಟೆ,ಮಾ.7(ಶ್ರೀನಿವಾಸ್)- ರಸ್ತೆ ನಿರ್ಮಾಣಕ್ಕೆ ಭೂಮಿ ನೀಡಿದ ರೈತರಿಗೆ ಇದುವರೆಗೂ ಪರಿಹಾರ ನೀಡಿಲ್ಲ ಎಂದು ಆರೋಪಿಸಿ ರೈತರು ತಾಲೂಕು ಕಚೇರಿ ಎದುರು ಪ್ರತಿಭಟನೆ ನಡೆಸಿದರು. 1980ರಲ್ಲಿ ರಸ್ತೆ ನಿರ್ಮಾಣಕ್ಕಾಗಿ ರೈತರ ಜಮೀನು ವಶಪಡಿಸಿಕೊಳ್ಳಲಾಗಿತ್ತು. ನಲವತ್ತು ವರ್ಷ ಕಳೆದರೂ ಪರಿಹಾರ ನೀಡದೆ ಸತಾಯಿಸಲಾಗುತ್ತಿದೆ. 2013ರ ಭೂಸ್ವಾಧೀನ ಕಾಯ್ದೆ ಅನ್ವಯ ಪರಿಹಾರ ನೀಡಬೇಕು ಎಂದು ಆಗ್ರಹಿಸಿದರು. ಸ್ಥಳಕ್ಕೆ ಆಗಮಿಸಿದ ತಹಸೀಲ್ದಾರ್ ಮನವಿ ಸ್ವೀಕರಿಸಿ ಜಿಲ್ಲಾಧಿಕಾರಿಗಳೊಂದಿಗೆ ಚರ್ಚಿಸಿ ಸೂಕ್ತ ಕ್ರಮ ಕೈಗೊಳ್ಳುವುದಾಗಿ ಭರವಸೆ ನೀಡಿದರು. ಪ್ರತಿಭಟನೆಯಲ್ಲಿ ರೈತ ಸಂಘದ ಮುಖಂಡರು, ಗ್ರಾಮಸ್ಥರು ಹಾಗೂ ಮಹಿಳೆಯರು ಭಾಗವಹಿಸಿದ್ದರು. ಭರವಸೆ ಈಡೇರದಿದ್ದರೆ ಉಗ್ರ ಹೋರಾಟ ನಡೆಸುವುದಾಗಿ ಎಚ್ಚ
ಬಂಡೂರು ಟಗರು ಖರೀದಿಸಿದ ಮಾಜಿ ಸ್ಪೀಕರ್ ರಮೇಶ್‌ಕುಮಾರ್
ಮಳವಳ್ಳಿ,ಮಾ.7(ನಾಗಿಂದ್ರ)- ತಾಲೂಕಿನ ಪ್ರಸಿದ್ಧ ಬಂಡೂರು ತಳಿಯ ಟಗರನ್ನು ಮಾಜಿ ಸ್ಪೀಕರ್ ರಮೇಶ್ ಕುಮಾರ್ ಖರೀದಿಸಿದರು. ಬಂಡೂರು ಕುರಿ ತಳಿ ತನ್ನ ವಿಶಿಷ್ಟ ಮಾಂಸದ ರುಚಿಗೆ ಹೆಸರುವಾಸಿಯಾಗಿದ್ದು, ರಾಜ್ಯದ ವಿವಿಧೆಡೆಯಿಂದ ಖರೀದಿದಾರರು ಆಗಮಿಸುತ್ತಾರೆ. ರೈತರೊಂದಿಗೆ ಮಾತುಕತೆ ನಡೆಸಿ ತಳಿ ಸಂರಕ್ಷಣೆ ಕುರಿತು ಮಾಹಿತಿ ಪಡೆದರು. ಗ್ರಾಮಸ್ಥರು ಅವರನ್ನು ಆತ್ಮೀಯವಾಗಿ ಸ್ವಾಗತಿಸಿದರು.
ಮಳವಳ್ಳಿ,ಮಾ.7(ನಾಗಿಂದ್ರ)- ತಾಲೂಕಿನ ಪ್ರಸಿದ್ಧ ಬಂಡೂರು ತಳಿಯ ಟಗರನ್ನು ಮಾಜಿ ಸ್ಪೀಕರ್ ರಮೇಶ್ ಕುಮಾರ್ ಖರೀದಿಸಿದರು. ಬಂಡೂರು ಕುರಿ ತಳಿ ತನ್ನ ವಿಶಿಷ್ಟ ಮಾಂಸದ ರುಚಿಗೆ ಹೆಸರುವಾಸಿಯಾಗಿದ್ದು, ರಾಜ್ಯದ ವಿವಿಧೆಡೆಯಿಂದ ಖರೀದಿದಾರರು ಆಗಮಿಸುತ್ತಾರೆ. ರೈತರೊಂದಿಗೆ ಮಾತುಕತೆ ನಡೆಸಿ ತಳಿ ಸಂರಕ್ಷಣೆ ಕುರಿತು ಮಾಹಿತಿ ಪಡೆದರು. ಗ್ರಾಮಸ್ಥರು ಅವರನ್ನು ಆತ್ಮೀಯವಾಗಿ ಸ್ವಾಗತಿಸಿದರು.
ಎಂಡಿಸಿಸಿ ಬ್ಯಾಂಕ್ ಮಾಜಿ ಅಧ್ಯಕ್ಷ
ಸಿ.ಬಸವೇಗೌಡರ ಕಾರು ಅಪಘಾತ
ಶ್ರೀರಂಗಪಟ್ಟಣ,ಮಾ.7(ವಿನಯ್ ಕಾರೇಕುರ)- ಎಂಡಿಸಿಸಿ ಬ್ಯಾಂಕ್ ಮಾಜಿ ಅಧ್ಯಕ್ಷ ಸಿ.ಬಸವೇಗೌಡರ ಕಾರು ಅಪಘಾತಕ್ಕೀಡಾಗಿದ್ದು, ಅದೃಷ್ಟವಶಾತ್ ಯಾವುದೇ ಪ್ರಾಣಾಪಾಯ ಸಂಭವಿಸಿಲ್ಲ. ಬೆಂಗಳೂರು-ಮೈಸೂರು ಹೆದ್ದಾರಿಯಲ್ಲಿ ಈ ಘಟನೆ ನಡೆದಿದ್ದು, ಕಾರು ರಸ್ತೆ ಬದಿಯ ಮರಕ್ಕೆ ಡಿಕ್ಕಿ ಹೊಡೆದಿದೆ. ಗಾಯಾಳುಗಳನ್ನು ಆಸ್ಪತ್ರೆಗೆ ದಾಖಲಿಸಲಾಗಿದೆ. ಈ ಸಂಬಂಧ ಪೊಲೀಸ್ ಠಾಣೆಯಲ್ಲಿ ಪ್ರಕರಣ ದಾಖಲಾಗಿದೆ.
ರಾಜ್ಯ ಬಜೆಟ್‌ನಲ್ಲಿ ಮಂಡ್ಯ ಸಂಪೂರ್ಣ ಕಡೆಗಣನೆ: ಹೆಚ್‌ಡಿಕೆ
ಶ್ರೀರಂಗಪಟ್ಟಣ,ಮಾ.7(ವಿನಯ್ ಕಾರೇಕುರ)- ರಾಜ್ಯ ಬಜೆಟ್‌ನಲ್ಲಿ ಮಂಡ್ಯ ಜಿಲ್ಲೆಯನ್ನು ಸಂಪೂರ್ಣವಾಗಿ ಕಡೆಗಣಿಸಲಾಗಿದೆ ಎಂದು ಮಾಜಿ ಮುಖ್ಯಮಂತ್ರಿ ಹೆಚ್.ಡಿ.ಕುಮಾರಸ್ವಾಮಿ ಆರೋಪಿಸಿದರು. ಜಿಲ್ಲೆಯ ರೈತರ ಸಮಸ್ಯೆಗಳಿಗೆ ಯಾವುದೇ ಯೋಜನೆ ಘೋಷಿಸಿಲ್ಲ. ಮೈಶುಗರ್ ಕಾರ್ಖಾನೆ ಪುನಶ್ಚೇತನದ ಬಗ್ಗೆಯೂ ಪ್ರಸ್ತಾಪವಿಲ್ಲ. ಸಮ್ಮಿಶ್ರ ಸರ್ಕಾರದ ಅವಧಿಯಲ್ಲಿ ಘೋಷಿಸಿದ್ದ ಯೋಜನೆಗಳನ್ನು ಕೈಬಿಡಲಾಗಿದೆ ಎಂದು ಟೀಕಿಸಿದರು. ಮುಂದಿನ ದಿನಗಳಲ್ಲಿ ಜಿಲ್ಲೆಯ ಅಭಿವೃದ್ಧಿಗಾಗಿ ಹೋರಾಟ ನಡೆಸುವುದಾಗಿ ತಿಳಿಸಿದರು. ಈ ಸಂದರ್ಭ ಶಾಸಕರು ಹಾಗೂ ಪಕ್ಷದ ಮುಖಂಡರು ಉಪಸ್ಥಿತರಿದ್ದರು.
ಶ್ರೀರಂಗಪಟ್ಟಣ,ಮಾ.7(ವಿನಯ್ ಕಾರೇಕುರ)- ರಾಜ್ಯ ಬಜೆಟ್‌ನಲ್ಲಿ ಮಂಡ್ಯ ಜಿಲ್ಲೆಯನ್ನು ಸಂಪೂರ್ಣವಾಗಿ ಕಡೆಗಣಿಸಲಾಗಿದೆ ಎಂದು ಮಾಜಿ ಮುಖ್ಯಮಂತ್ರಿ ಹೆಚ್.ಡಿ.
ಶ್ರೀರಂಗಪಟ್ಟಣ,ಮಾ.7(ವಿನಯ್ ಕಾರೇಕುರ)- ರಾಜ್ಯ ಬಜೆಟ್‌ನಲ್ಲಿ ಮಂಡ್ಯ ಜಿಲ್ಲೆಯನ್ನು ಸಂಪೂರ್ಣವಾಗಿ ಕಡೆಗಣಿಸಲಾಗಿದೆ ಎಂದು ಮಾಜಿ ಮುಖ್ಯಮಂತ್ರಿ ಹೆಚ್.ಡಿ.ಕುಮಾರಸ್ವಾಮಿ ಆರೋಪಿಸಿದರು. ಜಿಲ್ಲೆಯ ರೈತರ ಸಮಸ್ಯೆಗಳಿಗೆ ಯಾವುದೇ ಯೋಜನೆ ಘೋಷಿಸಿಲ್ಲ. ಮೈಶುಗರ್ ಕಾರ್ಖಾನೆ ಪುನಶ್ಚೇತನದ ಬಗ್ಗೆಯೂ ಪ್ರಸ್ತಾಪವಿಲ್ಲ. ಸಮ್ಮಿಶ್ರ ಸರ್ಕಾರದ ಅವಧಿಯಲ್ಲಿ ಘೋಷಿಸಿದ್ದ ಯೋಜನೆಗಳನ್ನು ಕೈಬಿಡಲಾಗಿದೆ ಎಂದು ಟೀಕಿಸಿದರು. ಮುಂದಿನ ದಿನಗಳಲ್ಲಿ ಜಿಲ್ಲೆಯ ಅಭಿವೃದ್ಧಿಗಾಗಿ ಹೋರಾಟ ನಡೆಸುವುದಾಗಿ ತಿಳಿಸಿದರು. ಈ ಸಂದರ್ಭ ಶಾಸಕರು ಹಾಗೂ ಪಕ್ಷದ ಮುಖಂಡರು ಉಪಸ್ಥಿತರಿದ್ದರು.
